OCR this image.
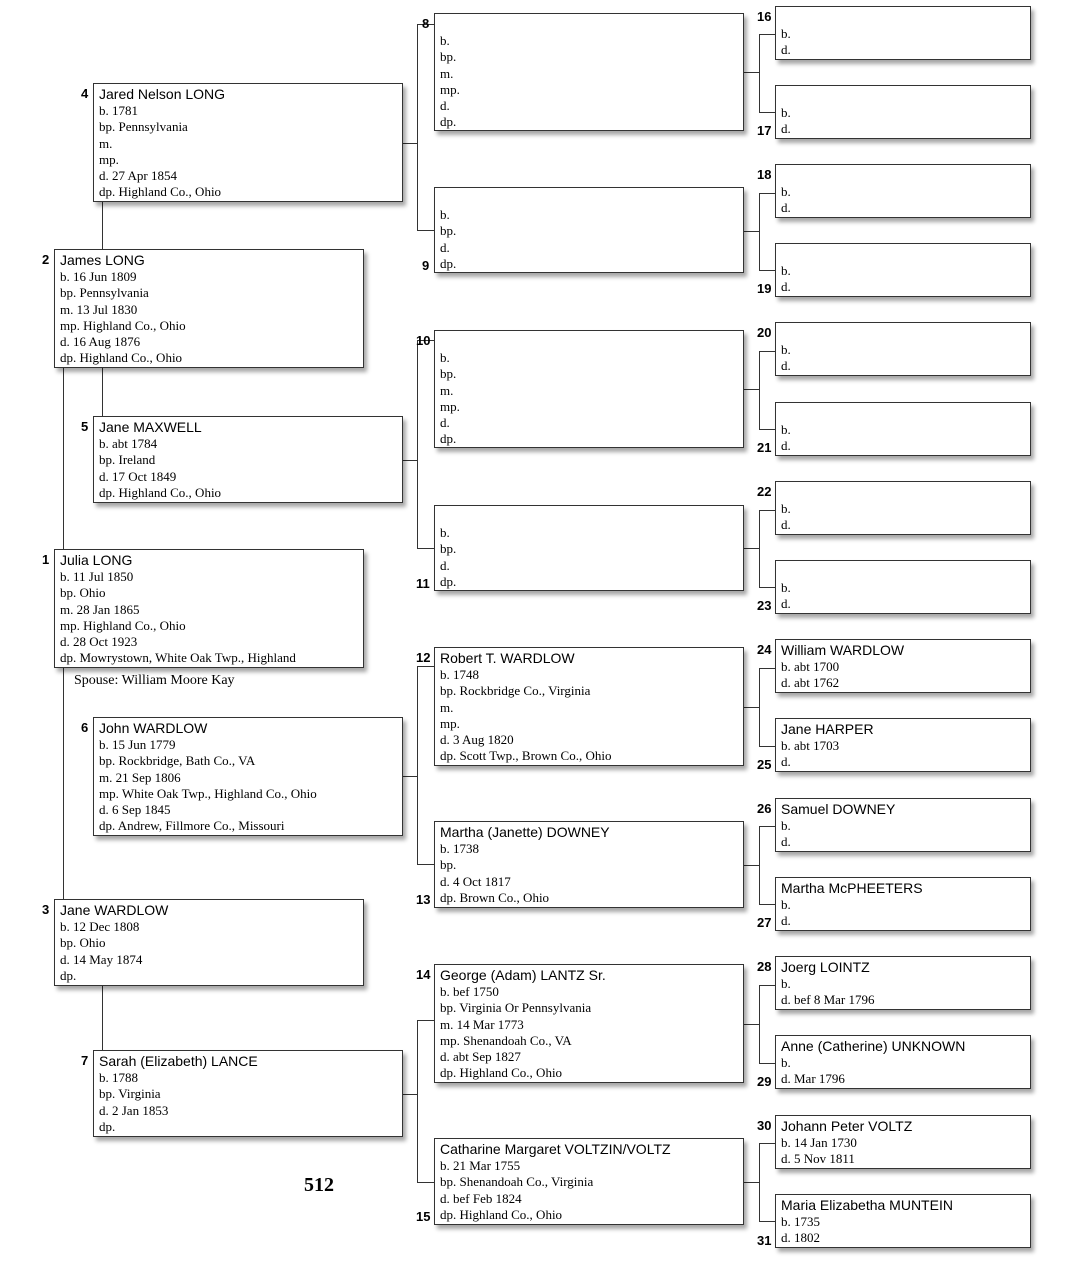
1 Julia LONG
b. 11 Jul 1850
bp. Ohio
m. 28 Jan 1865
mp. Highland Co., Ohio
d. 28 Oct 1923
dp. Mowrystown, White Oak Twp., Highland
Spouse: William Moore Kay
2 James LONG
b. 16 Jun 1809
bp. Pennsylvania
m. 13 Jul 1830
mp. Highland Co., Ohio
d. 16 Aug 1876
dp. Highland Co., Ohio
3 Jane WARDLOW
b. 12 Dec 1808
bp. Ohio
d. 14 May 1874
dp.
4 Jared Nelson LONG
b. 1781
bp. Pennsylvania
m.
mp.
d. 27 Apr 1854
dp. Highland Co., Ohio
5 Jane MAXWELL
b. abt 1784
bp. Ireland
d. 17 Oct 1849
dp. Highland Co., Ohio
6 John WARDLOW
b. 15 Jun 1779
bp. Rockbridge, Bath Co., VA
m. 21 Sep 1806
mp. White Oak Twp., Highland Co., Ohio
d. 6 Sep 1845
dp. Andrew, Fillmore Co., Missouri
7 Sarah (Elizabeth) LANCE
b. 1788
bp. Virginia
d. 2 Jan 1853
dp.
8
b.
bp.
m.
mp.
d.
dp.
9
b.
bp.
d.
dp.
10
b.
bp.
m.
mp.
d.
dp.
11
b.
bp.
d.
dp.
12 Robert T. WARDLOW
b. 1748
bp. Rockbridge Co., Virginia
m.
mp.
d. 3 Aug 1820
dp. Scott Twp., Brown Co., Ohio
13
Martha (Janette) DOWNEY
b. 1738
bp.
d. 4 Oct 1817
dp. Brown Co., Ohio
14 George (Adam) LANTZ Sr.
b. bef 1750
bp. Virginia Or Pennsylvania
m. 14 Mar 1773
mp. Shenandoah Co., VA
d. abt Sep 1827
dp. Highland Co., Ohio
15
Catharine Margaret VOLTZIN/VOLTZ
b. 21 Mar 1755
bp. Shenandoah Co., Virginia
d. bef Feb 1824
dp. Highland Co., Ohio
16
b.
d.
17
b.
d.
18
b.
d.
19
b.
d.
20
b.
d.
21
b.
d.
22
b.
d.
23
b.
d.
24 William WARDLOW
b. abt 1700
d. abt 1762
25
Jane HARPER
b. abt 1703
d.
26 Samuel DOWNEY
b.
d.
27
Martha McPHEETERS
b.
d.
28 Joerg LOINTZ
b.
d. bef 8 Mar 1796
29
Anne (Catherine) UNKNOWN
b.
d. Mar 1796
30 Johann Peter VOLTZ
b. 14 Jan 1730
d. 5 Nov 1811
31
Maria Elizabetha MUNTEIN
b. 1735
d. 1802
512
